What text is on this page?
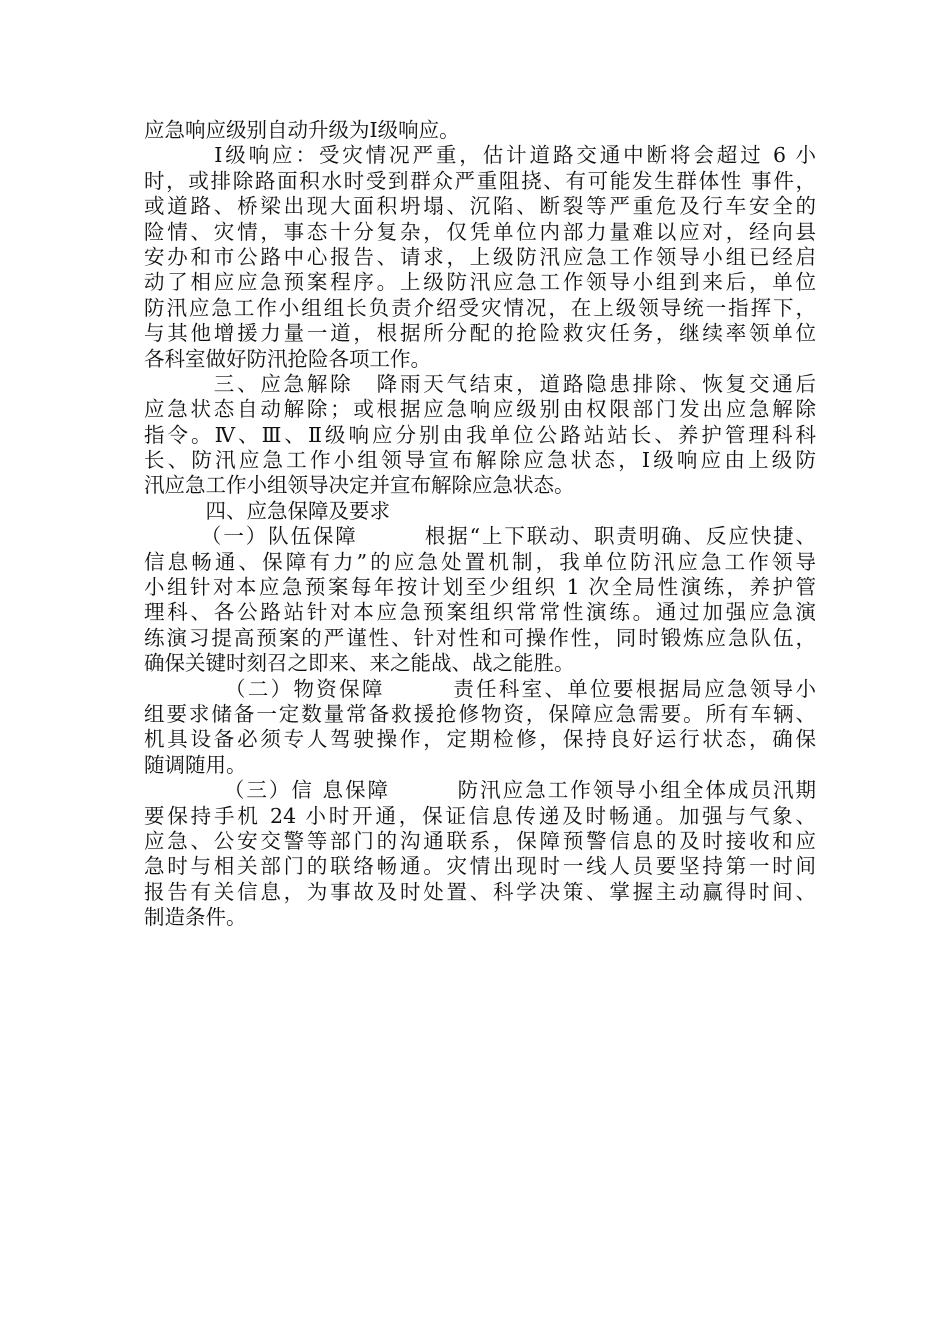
应急响应级别自动升级为Ⅰ级响应。
　　　Ⅰ级响应：受灾情况严重，估计道路交通中断将会超过 6 小
时，或排除路面积水时受到群众严重阻挠、有可能发生群体性 事件，
或道路、桥梁出现大面积坍塌、沉陷、断裂等严重危及行车安全的
险情、灾情，事态十分复杂，仅凭单位内部力量难以应对，经向县
安办和市公路中心报告、请求，上级防汛应急工作领导小组已经启
动了相应应急预案程序。上级防汛应急工作领导小组到来后，单位
防汛应急工作小组组长负责介绍受灾情况，在上级领导统一指挥下，
与其他增援力量一道，根据所分配的抢险救灾任务，继续率领单位
各科室做好防汛抢险各项工作。
　　　三、应急解除　降雨天气结束，道路隐患排除、恢复交通后
应急状态自动解除；或根据应急响应级别由权限部门发出应急解除
指令。Ⅳ、Ⅲ、Ⅱ级响应分别由我单位公路站站长、养护管理科科
长、防汛应急工作小组领导宣布解除应急状态，Ⅰ级响应由上级防
汛应急工作小组领导决定并宣布解除应急状态。
　　　四、应急保障及要求
　　　（一）队伍保障　　　根据“上下联动、职责明确、反应快捷、
信息畅通、保障有力”的应急处置机制，我单位防汛应急工作领导
小组针对本应急预案每年按计划至少组织 1 次全局性演练，养护管
理科、各公路站针对本应急预案组织常常性演练。通过加强应急演
练演习提高预案的严谨性、针对性和可操作性，同时锻炼应急队伍，
确保关键时刻召之即来、来之能战、战之能胜。
　　　　（二）物资保障　　　责任科室、单位要根据局应急领导小
组要求储备一定数量常备救援抢修物资，保障应急需要。所有车辆、
机具设备必须专人驾驶操作，定期检修，保持良好运行状态，确保
随调随用。
　　　　（三）信 息保障　　　防汛应急工作领导小组全体成员汛期
要保持手机 24 小时开通，保证信息传递及时畅通。加强与气象、
应急、公安交警等部门的沟通联系，保障预警信息的及时接收和应
急时与相关部门的联络畅通。灾情出现时一线人员要坚持第一时间
报告有关信息，为事故及时处置、科学决策、掌握主动赢得时间、
制造条件。
